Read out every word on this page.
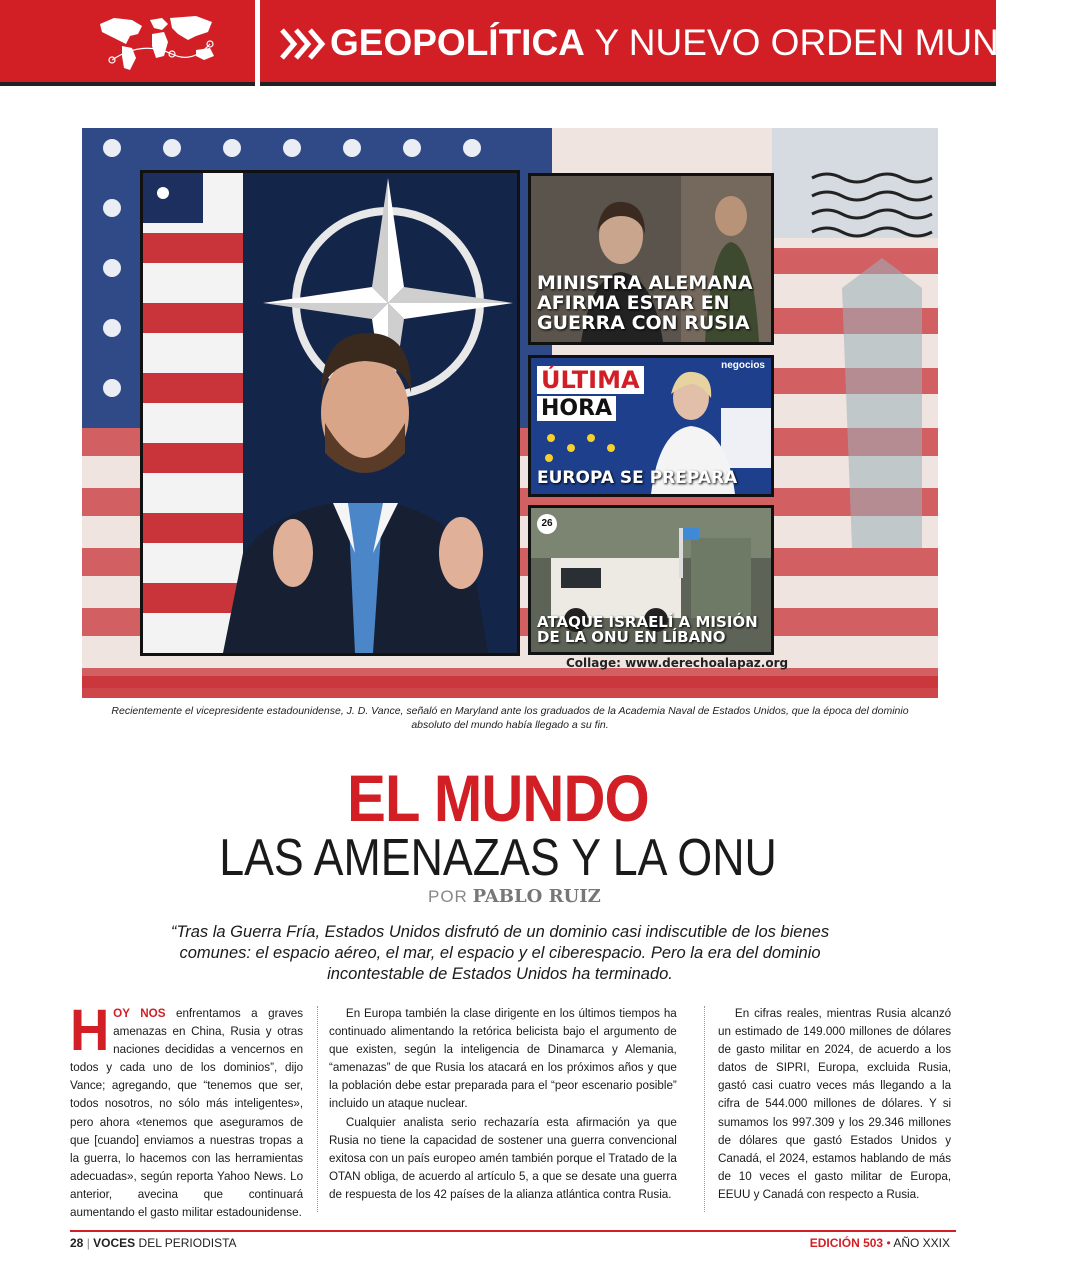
GEOPOLÍTICA Y NUEVO ORDEN MUNDIAL
MINISTRA ALEMANA AFIRMA ESTAR EN GUERRA CON RUSIA
negocios
ÚLTIMA
HORA
EUROPA SE PREPARA
26
ATAQUE ISRAELÍ A MISIÓN DE LA ONU EN LÍBANO
Collage: www.derechoalapaz.org
Recientemente el vicepresidente estadounidense, J. D. Vance, señaló en Maryland ante los graduados de la Academia Naval de Estados Unidos, que la época del dominio absoluto del mundo había llegado a su fin.
EL MUNDO
LAS AMENAZAS Y LA ONU
POR PABLO RUIZ
“Tras la Guerra Fría, Estados Unidos disfrutó de un dominio casi indiscutible de los bienes comunes: el espacio aéreo, el mar, el espacio y el ciberespacio. Pero la era del dominio incontestable de Estados Unidos ha terminado.

HOY NOS enfrentamos a graves amenazas en China, Rusia y otras naciones decididas a vencernos en todos y cada uno de los dominios”, dijo Vance; agregando, que “tenemos que ser, todos nosotros, no sólo más inteligentes», pero ahora «tenemos que aseguramos de que [cuando] enviamos a nuestras tropas a la guerra, lo hacemos con las herramientas adecuadas», según reporta Yahoo News. Lo anterior, avecina que continuará aumentando el gasto militar estadounidense.

En Europa también la clase dirigente en los últimos tiempos ha continuado alimentando la retórica belicista bajo el argumento de que existen, según la inteligencia de Dinamarca y Alemania, “amenazas” de que Rusia los atacará en los próximos años y que la población debe estar preparada para el “peor escenario posible” incluido un ataque nuclear.

Cualquier analista serio rechazaría esta afirmación ya que Rusia no tiene la capacidad de sostener una guerra convencional exitosa con un país europeo amén también porque el Tratado de la OTAN obliga, de acuerdo al artículo 5, a que se desate una guerra de respuesta de los 42 países de la alianza atlántica contra Rusia.

En cifras reales, mientras Rusia alcanzó un estimado de 149.000 millones de dólares de gasto militar en 2024, de acuerdo a los datos de SIPRI, Europa, excluida Rusia, gastó casi cuatro veces más llegando a la cifra de 544.000 millones de dólares. Y si sumamos los 997.309 y los 29.346 millones de dólares que gastó Estados Unidos y Canadá, el 2024, estamos hablando de más de 10 veces el gasto militar de Europa, EEUU y Canadá con respecto a Rusia.

28 | VOCES DEL PERIODISTA	EDICIÓN 503 • AÑO XXIX
